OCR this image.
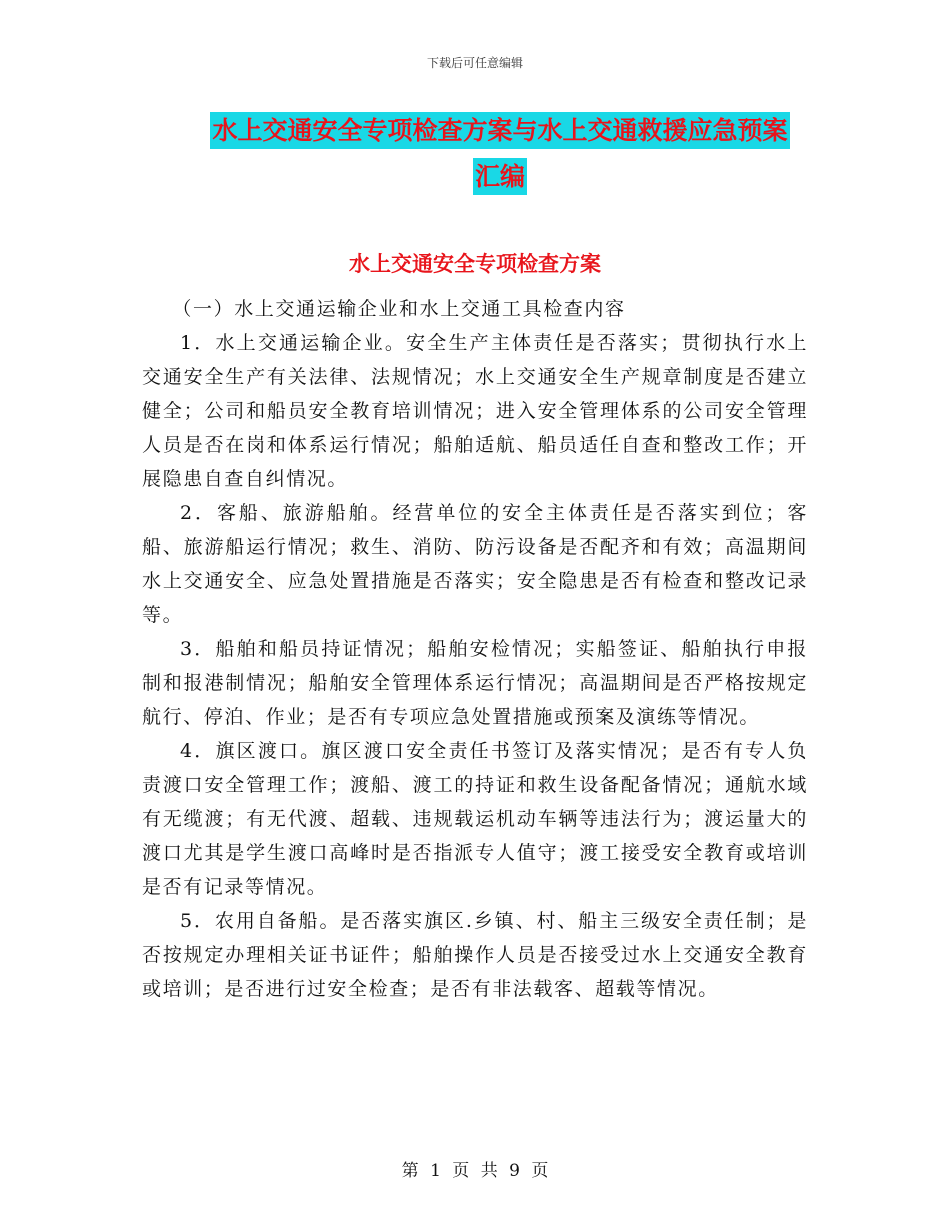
下载后可任意编辑
水上交通安全专项检查方案与水上交通救援应急预案
汇编
水上交通安全专项检查方案

（一）水上交通运输企业和水上交通工具检查内容

1．水上交通运输企业。安全生产主体责任是否落实；贯彻执行水上交通安全生产有关法律、法规情况；水上交通安全生产规章制度是否建立健全；公司和船员安全教育培训情况；进入安全管理体系的公司安全管理人员是否在岗和体系运行情况；船舶适航、船员适任自查和整改工作；开展隐患自查自纠情况。

2．客船、旅游船舶。经营单位的安全主体责任是否落实到位；客船、旅游船运行情况；救生、消防、防污设备是否配齐和有效；高温期间水上交通安全、应急处置措施是否落实；安全隐患是否有检查和整改记录等。

3．船舶和船员持证情况；船舶安检情况；实船签证、船舶执行申报制和报港制情况；船舶安全管理体系运行情况；高温期间是否严格按规定航行、停泊、作业；是否有专项应急处置措施或预案及演练等情况。

4．旗区渡口。旗区渡口安全责任书签订及落实情况；是否有专人负责渡口安全管理工作；渡船、渡工的持证和救生设备配备情况；通航水域有无缆渡；有无代渡、超载、违规载运机动车辆等违法行为；渡运量大的渡口尤其是学生渡口高峰时是否指派专人值守；渡工接受安全教育或培训是否有记录等情况。

5．农用自备船。是否落实旗区.乡镇、村、船主三级安全责任制；是否按规定办理相关证书证件；船舶操作人员是否接受过水上交通安全教育或培训；是否进行过安全检查；是否有非法载客、超载等情况。

第 1 页 共 9 页
